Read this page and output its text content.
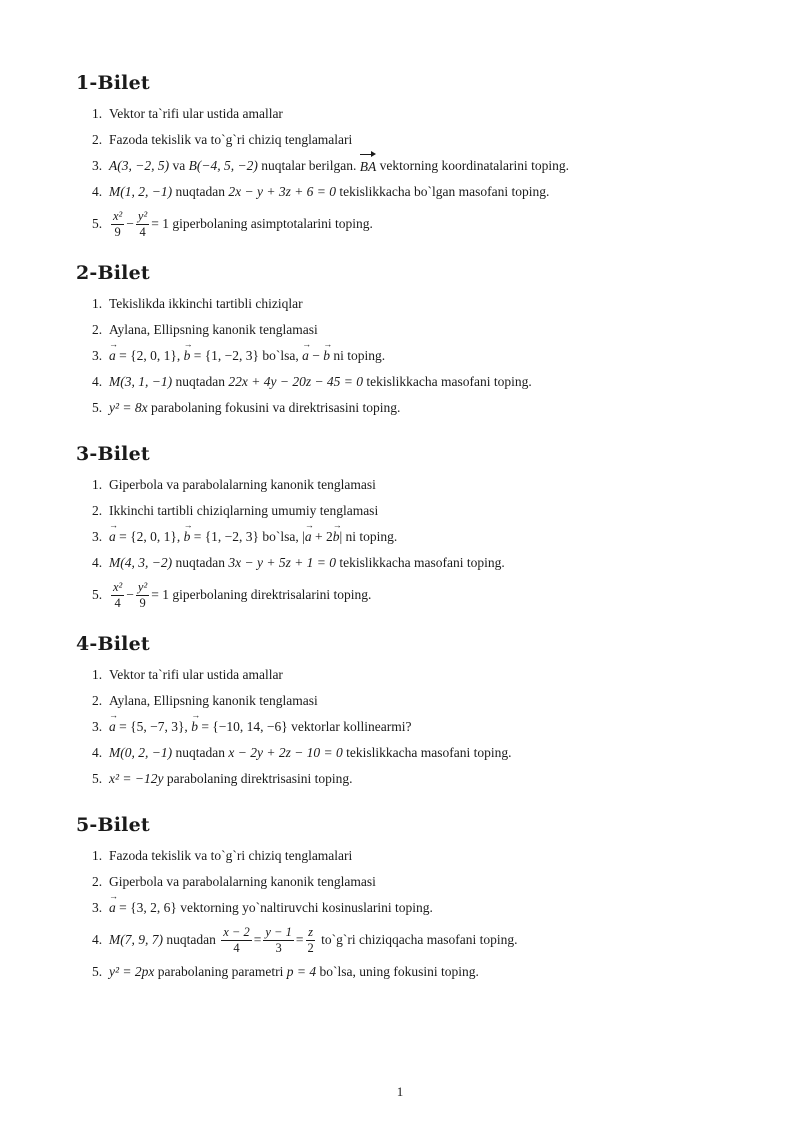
1-Bilet
1. Vektor ta`rifi ular ustida amallar
2. Fazoda tekislik va to`g`ri chiziq tenglamalari
3. A(3, −2, 5)
va
B(−4, 5, −2)
nuqtalar berilgan.
BA
vektorning koordinatalarini toping.
4. M(1, 2, −1)
nuqtadan
2x − y + 3z + 6 = 0
tekislikkacha bo`lgan masofani toping.
5. $\frac{\text{x²}}{9} - \frac{\text{y²}}{4} = 1$
giperbolaning asimptotalarini toping.
2-Bilet
1. Tekislikda ikkinchi tartibli chiziqlar
2. Aylana, Ellipsning kanonik tenglamasi
3. → a
= {2, 0, 1},
→ b
= {1, −2, 3}
bo`lsa,
→ a
−
→ b
ni toping.
4. M(3, 1, −1)
nuqtadan
22x + 4y − 20z − 45 = 0
tekislikkacha masofani toping.
5. y² = 8x
parabolaning fokusini va direktrisasini toping.
3-Bilet
1. Giperbola va parabolalarning kanonik tenglamasi
2. Ikkinchi tartibli chiziqlarning umumiy tenglamasi
3. → a
= {2, 0, 1},
→ b
= {1, −2, 3}
bo`lsa,
| → a
+ 2 → b |
ni toping.
4. M(4, 3, −2)
nuqtadan
3x − y + 5z + 1 = 0
tekislikkacha masofani toping.
5. $\frac{\text{x²}}{4} - \frac{\text{y²}}{9} = 1$
giperbolaning direktrisalarini toping.
4-Bilet
1. Vektor ta`rifi ular ustida amallar
2. Aylana, Ellipsning kanonik tenglamasi
3. → a
= {5, −7, 3},
→ b
= {−10, 14, −6}
vektorlar kollinearmi?
4. M(0, 2, −1)
nuqtadan
x − 2y + 2z − 10 = 0
tekislikkacha masofani toping.
5. x² = −12y
parabolaning direktrisasini toping.
5-Bilet
1. Fazoda tekislik va to`g`ri chiziq tenglamalari
2. Giperbola va parabolalarning kanonik tenglamasi
3. → a
= {3, 2, 6}
vektorning yo`naltiruvchi kosinuslarini toping.
4. M(7, 9, 7)
nuqtadan
$\frac{x - 2}{4} = \frac{y - 1}{3} = \frac{z}{2}$
to`g`ri chiziqqacha masofani toping.
5. y² = 2px
parabolaning parametri
p = 4
bo`lsa, uning fokusini toping.
1
